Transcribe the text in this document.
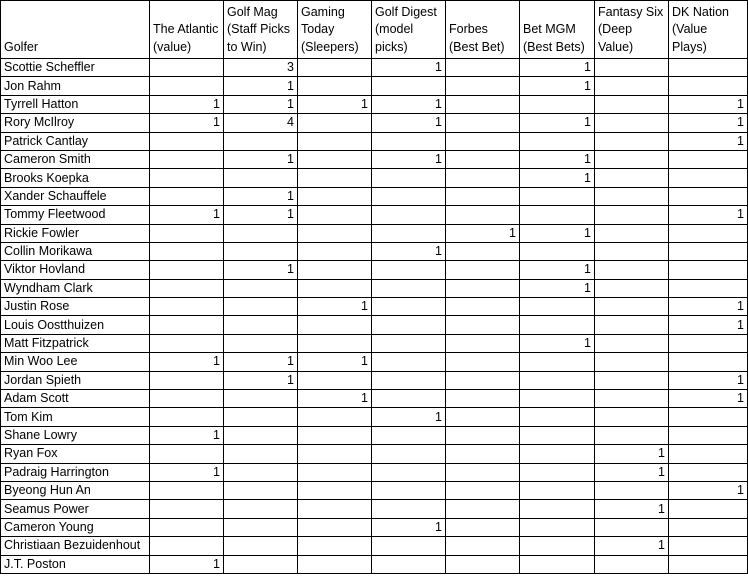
Golfer	The Atlantic (value)	Golf Mag (Staff Picks to Win)	Gaming Today (Sleepers)	Golf Digest (model picks)	Forbes (Best Bet)	Bet MGM (Best Bets)	Fantasy Six (Deep Value)	DK Nation (Value Plays)
Scottie Scheffler		3		1		1		
Jon Rahm		1				1		
Tyrrell Hatton	1	1	1	1				1
Rory McIlroy	1	4		1		1		1
Patrick Cantlay								1
Cameron Smith		1		1		1		
Brooks Koepka						1		
Xander Schauffele		1						
Tommy Fleetwood	1	1						1
Rickie Fowler					1	1		
Collin Morikawa				1				
Viktor Hovland		1				1		
Wyndham Clark						1		
Justin Rose			1					1
Louis Oostthuizen								1
Matt Fitzpatrick						1		
Min Woo Lee	1	1	1					
Jordan Spieth		1						1
Adam Scott			1					1
Tom Kim				1				
Shane Lowry	1							
Ryan Fox							1	
Padraig Harrington	1						1	
Byeong Hun An								1
Seamus Power							1	
Cameron Young				1				
Christiaan Bezuidenhout							1	
J.T. Poston	1							
